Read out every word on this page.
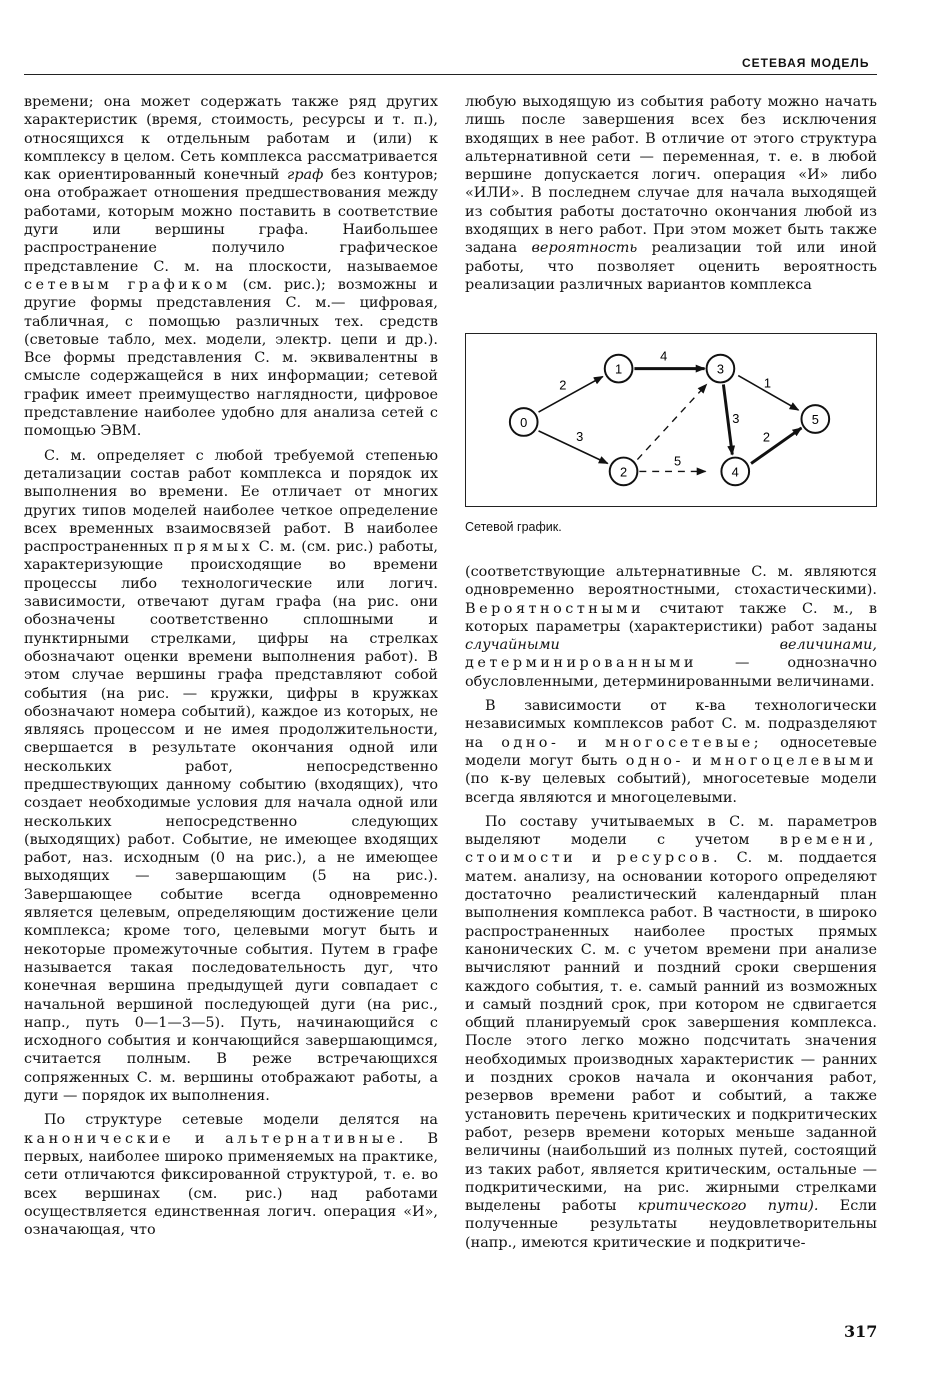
СЕТЕВАЯ МОДЕЛЬ

времени; она может содержать также ряд других характеристик (время, стоимость, ресурсы и т. п.), относящихся к отдельным работам и (или) к комплексу в целом. Сеть комплекса рассматривается как ориентированный конечный граф без контуров; она отображает отношения предшествования между работами, которым можно поставить в соответствие дуги или вершины графа. Наибольшее распространение получило графическое представление С. м. на плоскости, называемое сетевым графиком (см. рис.); возможны и другие формы представления С. м.— цифровая, табличная, с помощью различных тех. средств (световые табло, мех. модели, электр. цепи и др.). Все формы представления С. м. эквивалентны в смысле содержащейся в них информации; сетевой график имеет преимущество наглядности, цифровое представление наиболее удобно для анализа сетей с помощью ЭВМ.

С. м. определяет с любой требуемой степенью детализации состав работ комплекса и порядок их выполнения во времени. Ее отличает от многих других типов моделей наиболее четкое определение всех временных взаимосвязей работ. В наиболее распространенных прямых С. м. (см. рис.) работы, характеризующие происходящие во времени процессы либо технологические или логич. зависимости, отвечают дугам графа (на рис. они обозначены соответственно сплошными и пунктирными стрелками, цифры на стрелках обозначают оценки времени выполнения работ). В этом случае вершины графа представляют собой события (на рис. — кружки, цифры в кружках обозначают номера событий), каждое из которых, не являясь процессом и не имея продолжительности, свершается в результате окончания одной или нескольких работ, непосредственно предшествующих данному событию (входящих), что создает необходимые условия для начала одной или нескольких непосредственно следующих (выходящих) работ. Событие, не имеющее входящих работ, наз. исходным (0 на рис.), а не имеющее выходящих — завершающим (5 на рис.). Завершающее событие всегда одновременно является целевым, определяющим достижение цели комплекса; кроме того, целевыми могут быть и некоторые промежуточные события. Путем в графе называется такая последовательность дуг, что конечная вершина предыдущей дуги совпадает с начальной вершиной последующей дуги (на рис., напр., путь 0—1—3—5). Путь, начинающийся с исходного события и кончающийся завершающимся, считается полным. В реже встречающихся сопряженных С. м. вершины отображают работы, а дуги — порядок их выполнения.

По структуре сетевые модели делятся на канонические и альтернативные. В первых, наиболее широко применяемых на практике, сети отличаются фиксированной структурой, т. е. во всех вершинах (см. рис.) над работами осуществляется единственная логич. операция «И», означающая, что

любую выходящую из события работу можно начать лишь после завершения всех без исключения входящих в нее работ. В отличие от этого структура альтернативной сети — переменная, т. е. в любой вершине допускается логич. операция «И» либо «ИЛИ». В последнем случае для начала выходящей из события работы достаточно окончания любой из входящих в него работ. При этом может быть также задана вероятность реализации той или иной работы, что позволяет оценить вероятность реализации различных вариантов комплекса

2
3
4
5
3
1
2
0
1
2
3
4
5
Сетевой график.

(соответствующие альтернативные С. м. являются одновременно вероятностными, стохастическими). Вероятностными считают также С. м., в которых параметры (характеристики) работ заданы случайными величинами, детерминированными	— однозначно обусловленными, детерминированными величинами.

В зависимости от к-ва технологически независимых комплексов работ С. м. подразделяют на одно- и многосетевые; односетевые модели могут быть одно- и многоцелевыми (по к-ву целевых событий), многосетевые модели всегда являются и многоцелевыми.

По составу учитываемых в С. м. параметров выделяют модели с учетом времени, стоимости и ресурсов. С. м. поддается матем. анализу, на основании которого определяют достаточно реалистический календарный план выполнения комплекса работ. В частности, в широко распространенных наиболее простых прямых канонических С. м. с учетом времени при анализе вычисляют ранний и поздний сроки свершения каждого события, т. е. самый ранний из возможных и самый поздний срок, при котором не сдвигается общий планируемый срок завершения комплекса. После этого легко можно подсчитать значения необходимых производных характеристик — ранних и поздних сроков начала и окончания работ, резервов времени работ и событий, а также установить перечень критических и подкритических работ, резерв времени которых меньше заданной величины (наибольший из полных путей, состоящий из таких работ, является критическим, остальные — подкритическими, на рис. жирными стрелками выделены работы критического пути). Если полученные результаты неудовлетворительны (напр., имеются критические и подкритиче-

317
